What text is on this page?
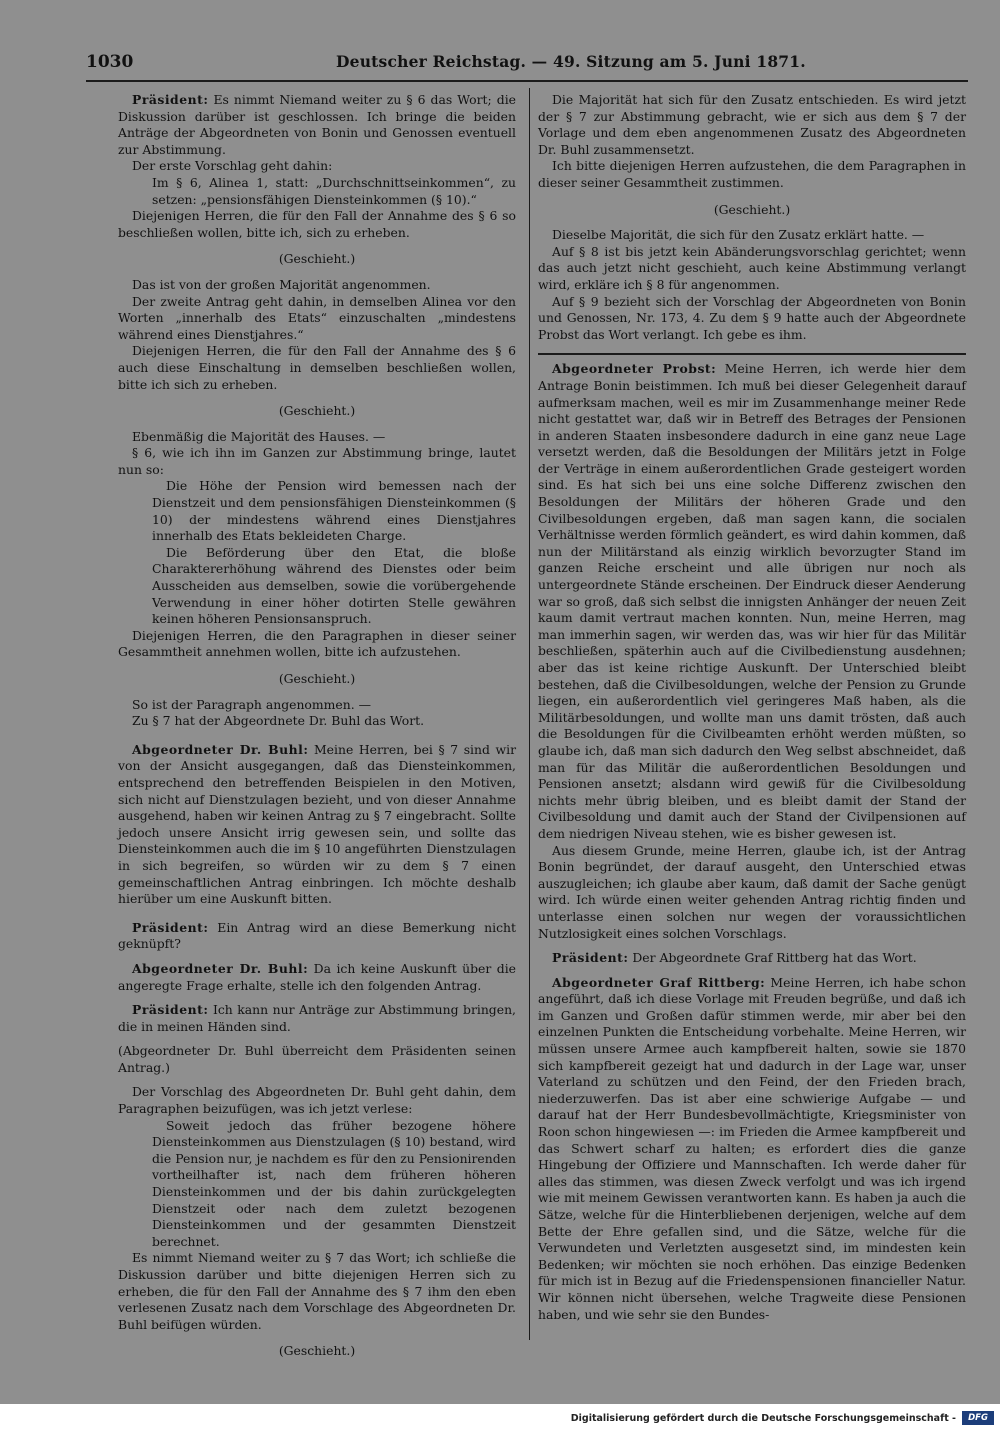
1030	Deutscher Reichstag. — 49. Sitzung am 5. Juni 1871.

Präsident: Es nimmt Niemand weiter zu § 6 das Wort; die Diskussion darüber ist geschlossen. Ich bringe die beiden Anträge der Abgeordneten von Bonin und Genossen eventuell zur Abstimmung.

Der erste Vorschlag geht dahin:

Im § 6, Alinea 1, statt: „Durchschnittseinkommen“, zu setzen: „pensionsfähigen Diensteinkommen (§ 10).“

Diejenigen Herren, die für den Fall der Annahme des § 6 so beschließen wollen, bitte ich, sich zu erheben.

(Geschieht.)

Das ist von der großen Majorität angenommen.

Der zweite Antrag geht dahin, in demselben Alinea vor den Worten „innerhalb des Etats“ einzuschalten „mindestens während eines Dienstjahres.“

Diejenigen Herren, die für den Fall der Annahme des § 6 auch diese Einschaltung in demselben beschließen wollen, bitte ich sich zu erheben.

(Geschieht.)

Ebenmäßig die Majorität des Hauses. —

§ 6, wie ich ihn im Ganzen zur Abstimmung bringe, lautet nun so:

Die Höhe der Pension wird bemessen nach der Dienstzeit und dem pensionsfähigen Diensteinkommen (§ 10) der mindestens während eines Dienstjahres innerhalb des Etats bekleideten Charge.

Die Beförderung über den Etat, die bloße Charaktererhöhung während des Dienstes oder beim Ausscheiden aus demselben, sowie die vorübergehende Verwendung in einer höher dotirten Stelle gewähren keinen höheren Pensionsanspruch.

Diejenigen Herren, die den Paragraphen in dieser seiner Gesammtheit annehmen wollen, bitte ich aufzustehen.

(Geschieht.)

So ist der Paragraph angenommen. —

Zu § 7 hat der Abgeordnete Dr. Buhl das Wort.

Abgeordneter Dr. Buhl: Meine Herren, bei § 7 sind wir von der Ansicht ausgegangen, daß das Diensteinkommen, entsprechend den betreffenden Beispielen in den Motiven, sich nicht auf Dienstzulagen bezieht, und von dieser Annahme ausgehend, haben wir keinen Antrag zu § 7 eingebracht. Sollte jedoch unsere Ansicht irrig gewesen sein, und sollte das Diensteinkommen auch die im § 10 angeführten Dienstzulagen in sich begreifen, so würden wir zu dem § 7 einen gemeinschaftlichen Antrag einbringen. Ich möchte deshalb hierüber um eine Auskunft bitten.

Präsident: Ein Antrag wird an diese Bemerkung nicht geknüpft?

Abgeordneter Dr. Buhl: Da ich keine Auskunft über die angeregte Frage erhalte, stelle ich den folgenden Antrag.

Präsident: Ich kann nur Anträge zur Abstimmung bringen, die in meinen Händen sind.

(Abgeordneter Dr. Buhl überreicht dem Präsidenten seinen Antrag.)

Der Vorschlag des Abgeordneten Dr. Buhl geht dahin, dem Paragraphen beizufügen, was ich jetzt verlese:

Soweit jedoch das früher bezogene höhere Diensteinkommen aus Dienstzulagen (§ 10) bestand, wird die Pension nur, je nachdem es für den zu Pensionirenden vortheilhafter ist, nach dem früheren höheren Diensteinkommen und der bis dahin zurückgelegten Dienstzeit oder nach dem zuletzt bezogenen Diensteinkommen und der gesammten Dienstzeit berechnet.

Es nimmt Niemand weiter zu § 7 das Wort; ich schließe die Diskussion darüber und bitte diejenigen Herren sich zu erheben, die für den Fall der Annahme des § 7 ihm den eben verlesenen Zusatz nach dem Vorschlage des Abgeordneten Dr. Buhl beifügen würden.

(Geschieht.)

Die Majorität hat sich für den Zusatz entschieden. Es wird jetzt der § 7 zur Abstimmung gebracht, wie er sich aus dem § 7 der Vorlage und dem eben angenommenen Zusatz des Abgeordneten Dr. Buhl zusammensetzt.

Ich bitte diejenigen Herren aufzustehen, die dem Paragraphen in dieser seiner Gesammtheit zustimmen.

(Geschieht.)

Dieselbe Majorität, die sich für den Zusatz erklärt hatte. —

Auf § 8 ist bis jetzt kein Abänderungsvorschlag gerichtet; wenn das auch jetzt nicht geschieht, auch keine Abstimmung verlangt wird, erkläre ich § 8 für angenommen.

Auf § 9 bezieht sich der Vorschlag der Abgeordneten von Bonin und Genossen, Nr. 173, 4. Zu dem § 9 hatte auch der Abgeordnete Probst das Wort verlangt. Ich gebe es ihm.

Abgeordneter Probst: Meine Herren, ich werde hier dem Antrage Bonin beistimmen. Ich muß bei dieser Gelegenheit darauf aufmerksam machen, weil es mir im Zusammenhange meiner Rede nicht gestattet war, daß wir in Betreff des Betrages der Pensionen in anderen Staaten insbesondere dadurch in eine ganz neue Lage versetzt werden, daß die Besoldungen der Militärs jetzt in Folge der Verträge in einem außerordentlichen Grade gesteigert worden sind. Es hat sich bei uns eine solche Differenz zwischen den Besoldungen der Militärs der höheren Grade und den Civilbesoldungen ergeben, daß man sagen kann, die socialen Verhältnisse werden förmlich geändert, es wird dahin kommen, daß nun der Militärstand als einzig wirklich bevorzugter Stand im ganzen Reiche erscheint und alle übrigen nur noch als untergeordnete Stände erscheinen. Der Eindruck dieser Aenderung war so groß, daß sich selbst die innigsten Anhänger der neuen Zeit kaum damit vertraut machen konnten. Nun, meine Herren, mag man immerhin sagen, wir werden das, was wir hier für das Militär beschließen, späterhin auch auf die Civilbedienstung ausdehnen; aber das ist keine richtige Auskunft. Der Unterschied bleibt bestehen, daß die Civilbesoldungen, welche der Pension zu Grunde liegen, ein außerordentlich viel geringeres Maß haben, als die Militärbesoldungen, und wollte man uns damit trösten, daß auch die Besoldungen für die Civilbeamten erhöht werden müßten, so glaube ich, daß man sich dadurch den Weg selbst abschneidet, daß man für das Militär die außerordentlichen Besoldungen und Pensionen ansetzt; alsdann wird gewiß für die Civilbesoldung nichts mehr übrig bleiben, und es bleibt damit der Stand der Civilbesoldung und damit auch der Stand der Civilpensionen auf dem niedrigen Niveau stehen, wie es bisher gewesen ist.

Aus diesem Grunde, meine Herren, glaube ich, ist der Antrag Bonin begründet, der darauf ausgeht, den Unterschied etwas auszugleichen; ich glaube aber kaum, daß damit der Sache genügt wird. Ich würde einen weiter gehenden Antrag richtig finden und unterlasse einen solchen nur wegen der voraussichtlichen Nutzlosigkeit eines solchen Vorschlags.

Präsident: Der Abgeordnete Graf Rittberg hat das Wort.

Abgeordneter Graf Rittberg: Meine Herren, ich habe schon angeführt, daß ich diese Vorlage mit Freuden begrüße, und daß ich im Ganzen und Großen dafür stimmen werde, mir aber bei den einzelnen Punkten die Entscheidung vorbehalte. Meine Herren, wir müssen unsere Armee auch kampfbereit halten, sowie sie 1870 sich kampfbereit gezeigt hat und dadurch in der Lage war, unser Vaterland zu schützen und den Feind, der den Frieden brach, niederzuwerfen. Das ist aber eine schwierige Aufgabe — und darauf hat der Herr Bundesbevollmächtigte, Kriegsminister von Roon schon hingewiesen —: im Frieden die Armee kampfbereit und das Schwert scharf zu halten; es erfordert dies die ganze Hingebung der Offiziere und Mannschaften. Ich werde daher für alles das stimmen, was diesen Zweck verfolgt und was ich irgend wie mit meinem Gewissen verantworten kann. Es haben ja auch die Sätze, welche für die Hinterbliebenen derjenigen, welche auf dem Bette der Ehre gefallen sind, und die Sätze, welche für die Verwundeten und Verletzten ausgesetzt sind, im mindesten kein Bedenken; wir möchten sie noch erhöhen. Das einzige Bedenken für mich ist in Bezug auf die Friedenspensionen financieller Natur. Wir können nicht übersehen, welche Tragweite diese Pensionen haben, und wie sehr sie den Bundes-

Digitalisierung gefördert durch die Deutsche Forschungsgemeinschaft -	DFG
